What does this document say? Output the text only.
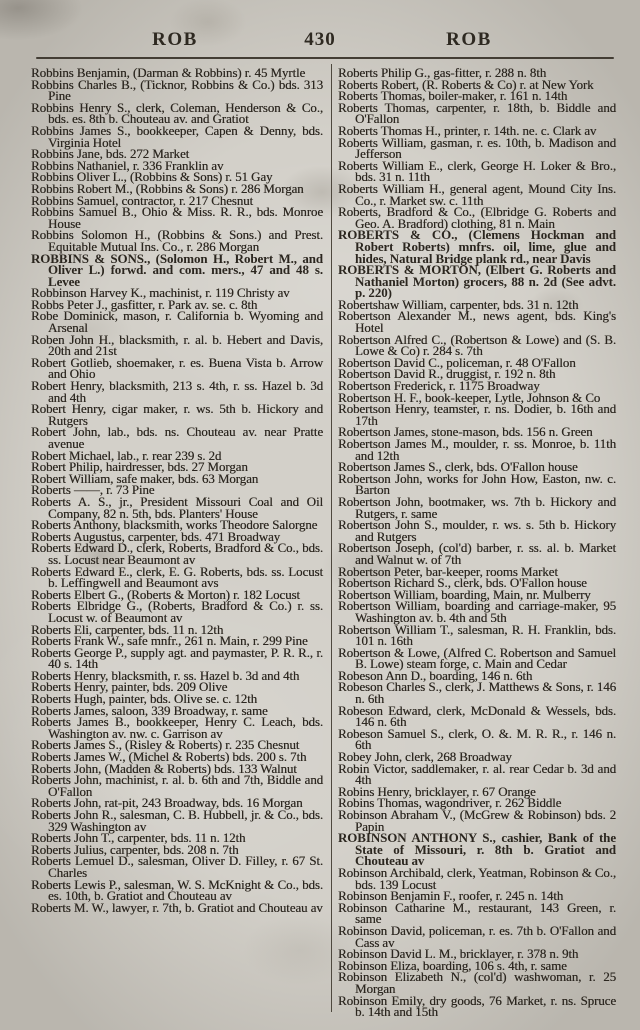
ROB	430	ROB
Robbins Benjamin, (Darman & Robbins) r. 45 Myrtle
Robbins Charles B., (Ticknor, Robbins & Co.) bds. 313 Pine
Robbins Henry S., clerk, Coleman, Henderson & Co., bds. es. 8th b. Chouteau av. and Gratiot
Robbins James S., bookkeeper, Capen & Denny, bds. Virginia Hotel
Robbins Jane, bds. 272 Market
Robbins Nathaniel, r. 336 Franklin av
Robbins Oliver L., (Robbins & Sons) r. 51 Gay
Robbins Robert M., (Robbins & Sons) r. 286 Morgan
Robbins Samuel, contractor, r. 217 Chesnut
Robbins Samuel B., Ohio & Miss. R. R., bds. Monroe House
Robbins Solomon H., (Robbins & Sons.) and Prest. Equitable Mutual Ins. Co., r. 286 Morgan
ROBBINS & SONS., (Solomon H., Robert M., and Oliver L.) forwd. and com. mers., 47 and 48 s. Levee
Robbinson Harvey K., machinist, r. 119 Christy av
Robbs Peter J., gasfitter, r. Park av. se. c. 8th
Robe Dominick, mason, r. California b. Wyoming and Arsenal
Roben John H., blacksmith, r. al. b. Hebert and Davis, 20th and 21st
Robert Gotlieb, shoemaker, r. es. Buena Vista b. Arrow and Ohio
Robert Henry, blacksmith, 213 s. 4th, r. ss. Hazel b. 3d and 4th
Robert Henry, cigar maker, r. ws. 5th b. Hickory and Rutgers
Robert John, lab., bds. ns. Chouteau av. near Pratte avenue
Robert Michael, lab., r. rear 239 s. 2d
Robert Philip, hairdresser, bds. 27 Morgan
Robert William, safe maker, bds. 63 Morgan
Roberts ——, r. 73 Pine
Roberts A. S., jr., President Missouri Coal and Oil Company, 82 n. 5th, bds. Planters' House
Roberts Anthony, blacksmith, works Theodore Salorgne
Roberts Augustus, carpenter, bds. 471 Broadway
Roberts Edward D., clerk, Roberts, Bradford & Co., bds. ss. Locust near Beaumont av
Roberts Edward E., clerk, E. G. Roberts, bds. ss. Locust b. Leffingwell and Beaumont avs
Roberts Elbert G., (Roberts & Morton) r. 182 Locust
Roberts Elbridge G., (Roberts, Bradford & Co.) r. ss. Locust w. of Beaumont av
Roberts Eli, carpenter, bds. 11 n. 12th
Roberts Frank W., safe mnfr., 261 n. Main, r. 299 Pine
Roberts George P., supply agt. and paymaster, P. R. R., r. 40 s. 14th
Roberts Henry, blacksmith, r. ss. Hazel b. 3d and 4th
Roberts Henry, painter, bds. 209 Olive
Roberts Hugh, painter, bds. Olive se. c. 12th
Roberts James, saloon, 339 Broadway, r. same
Roberts James B., bookkeeper, Henry C. Leach, bds. Washington av. nw. c. Garrison av
Roberts James S., (Risley & Roberts) r. 235 Chesnut
Roberts James W., (Michel & Roberts) bds. 200 s. 7th
Roberts John, (Madden & Roberts) bds. 133 Walnut
Roberts John, machinist, r. al. b. 6th and 7th, Biddle and O'Fallon
Roberts John, rat-pit, 243 Broadway, bds. 16 Morgan
Roberts John R., salesman, C. B. Hubbell, jr. & Co., bds. 329 Washington av
Roberts John T., carpenter, bds. 11 n. 12th
Roberts Julius, carpenter, bds. 208 n. 7th
Roberts Lemuel D., salesman, Oliver D. Filley, r. 67 St. Charles
Roberts Lewis P., salesman, W. S. McKnight & Co., bds. es. 10th, b. Gratiot and Chouteau av
Roberts M. W., lawyer, r. 7th, b. Gratiot and Chouteau av
Roberts Philip G., gas-fitter, r. 288 n. 8th
Roberts Robert, (R. Roberts & Co) r. at New York
Roberts Thomas, boiler-maker, r. 161 n. 14th
Roberts Thomas, carpenter, r. 18th, b. Biddle and O'Fallon
Roberts Thomas H., printer, r. 14th. ne. c. Clark av
Roberts William, gasman, r. es. 10th, b. Madison and Jefferson
Roberts William E., clerk, George H. Loker & Bro., bds. 31 n. 11th
Roberts William H., general agent, Mound City Ins. Co., r. Market sw. c. 11th
Roberts, Bradford & Co., (Elbridge G. Roberts and Geo. A. Bradford) clothing, 81 n. Main
ROBERTS & CO., (Clemens Hockman and Robert Roberts) mnfrs. oil, lime, glue and hides, Natural Bridge plank rd., near Davis
ROBERTS & MORTON, (Elbert G. Roberts and Nathaniel Morton) grocers, 88 n. 2d (See advt. p. 220)
Robertshaw William, carpenter, bds. 31 n. 12th
Robertson Alexander M., news agent, bds. King's Hotel
Robertson Alfred C., (Robertson & Lowe) and (S. B. Lowe & Co) r. 284 s. 7th
Robertson David C., policeman, r. 48 O'Fallon
Robertson David R., druggist, r. 192 n. 8th
Robertson Frederick, r. 1175 Broadway
Robertson H. F., book-keeper, Lytle, Johnson & Co
Robertson Henry, teamster, r. ns. Dodier, b. 16th and 17th
Robertson James, stone-mason, bds. 156 n. Green
Robertson James M., moulder, r. ss. Monroe, b. 11th and 12th
Robertson James S., clerk, bds. O'Fallon house
Robertson John, works for John How, Easton, nw. c. Barton
Robertson John, bootmaker, ws. 7th b. Hickory and Rutgers, r. same
Robertson John S., moulder, r. ws. s. 5th b. Hickory and Rutgers
Robertson Joseph, (col'd) barber, r. ss. al. b. Market and Walnut w. of 7th
Robertson Peter, bar-keeper, rooms Market
Robertson Richard S., clerk, bds. O'Fallon house
Robertson William, boarding, Main, nr. Mulberry
Robertson William, boarding and carriage-maker, 95 Washington av. b. 4th and 5th
Robertson William T., salesman, R. H. Franklin, bds. 101 n. 16th
Robertson & Lowe, (Alfred C. Robertson and Samuel B. Lowe) steam forge, c. Main and Cedar
Robeson Ann D., boarding, 146 n. 6th
Robeson Charles S., clerk, J. Matthews & Sons, r. 146 n. 6th
Robeson Edward, clerk, McDonald & Wessels, bds. 146 n. 6th
Robeson Samuel S., clerk, O. &. M. R. R., r. 146 n. 6th
Robey John, clerk, 268 Broadway
Robin Victor, saddlemaker, r. al. rear Cedar b. 3d and 4th
Robins Henry, bricklayer, r. 67 Orange
Robins Thomas, wagondriver, r. 262 Biddle
Robinson Abraham V., (McGrew & Robinson) bds. 2 Papin
ROBINSON ANTHONY S., cashier, Bank of the State of Missouri, r. 8th b. Gratiot and Chouteau av
Robinson Archibald, clerk, Yeatman, Robinson & Co., bds. 139 Locust
Robinson Benjamin F., roofer, r. 245 n. 14th
Robinson Catharine M., restaurant, 143 Green, r. same
Robinson David, policeman, r. es. 7th b. O'Fallon and Cass av
Robinson David L. M., bricklayer, r. 378 n. 9th
Robinson Eliza, boarding, 106 s. 4th, r. same
Robinson Elizabeth N., (col'd) washwoman, r. 25 Morgan
Robinson Emily, dry goods, 76 Market, r. ns. Spruce b. 14th and 15th
